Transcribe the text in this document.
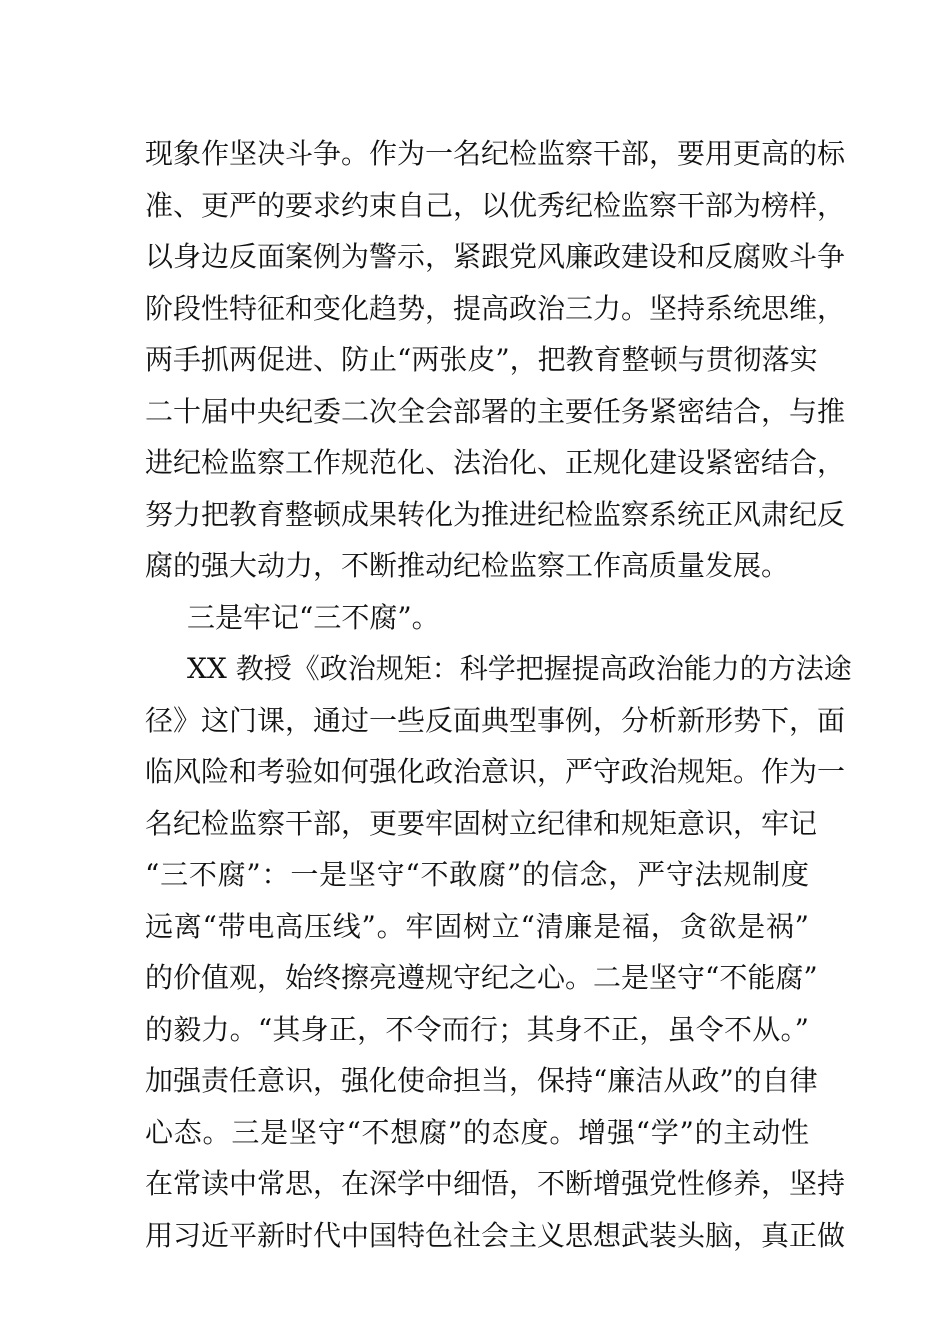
现象作坚决斗争。作为一名纪检监察干部，要用更高的标
准、更严的要求约束自己，以优秀纪检监察干部为榜样，
以身边反面案例为警示，紧跟党风廉政建设和反腐败斗争
阶段性特征和变化趋势，提高政治三力。坚持系统思维，
两手抓两促进、防止“两张皮”，把教育整顿与贯彻落实
二十届中央纪委二次全会部署的主要任务紧密结合，与推
进纪检监察工作规范化、法治化、正规化建设紧密结合，
努力把教育整顿成果转化为推进纪检监察系统正风肃纪反
腐的强大动力，不断推动纪检监察工作高质量发展。
三是牢记“三不腐”。
XX 教授《政治规矩：科学把握提高政治能力的方法途
径》这门课，通过一些反面典型事例，分析新形势下，面
临风险和考验如何强化政治意识，严守政治规矩。作为一
名纪检监察干部，更要牢固树立纪律和规矩意识，牢记
“三不腐”：一是坚守“不敢腐”的信念，严守法规制度
远离“带电高压线”。牢固树立“清廉是福，贪欲是祸”
的价值观，始终擦亮遵规守纪之心。二是坚守“不能腐”
的毅力。“其身正，不令而行；其身不正，虽令不从。”
加强责任意识，强化使命担当，保持“廉洁从政”的自律
心态。三是坚守“不想腐”的态度。增强“学”的主动性
在常读中常思，在深学中细悟，不断增强党性修养，坚持
用习近平新时代中国特色社会主义思想武装头脑，真正做
